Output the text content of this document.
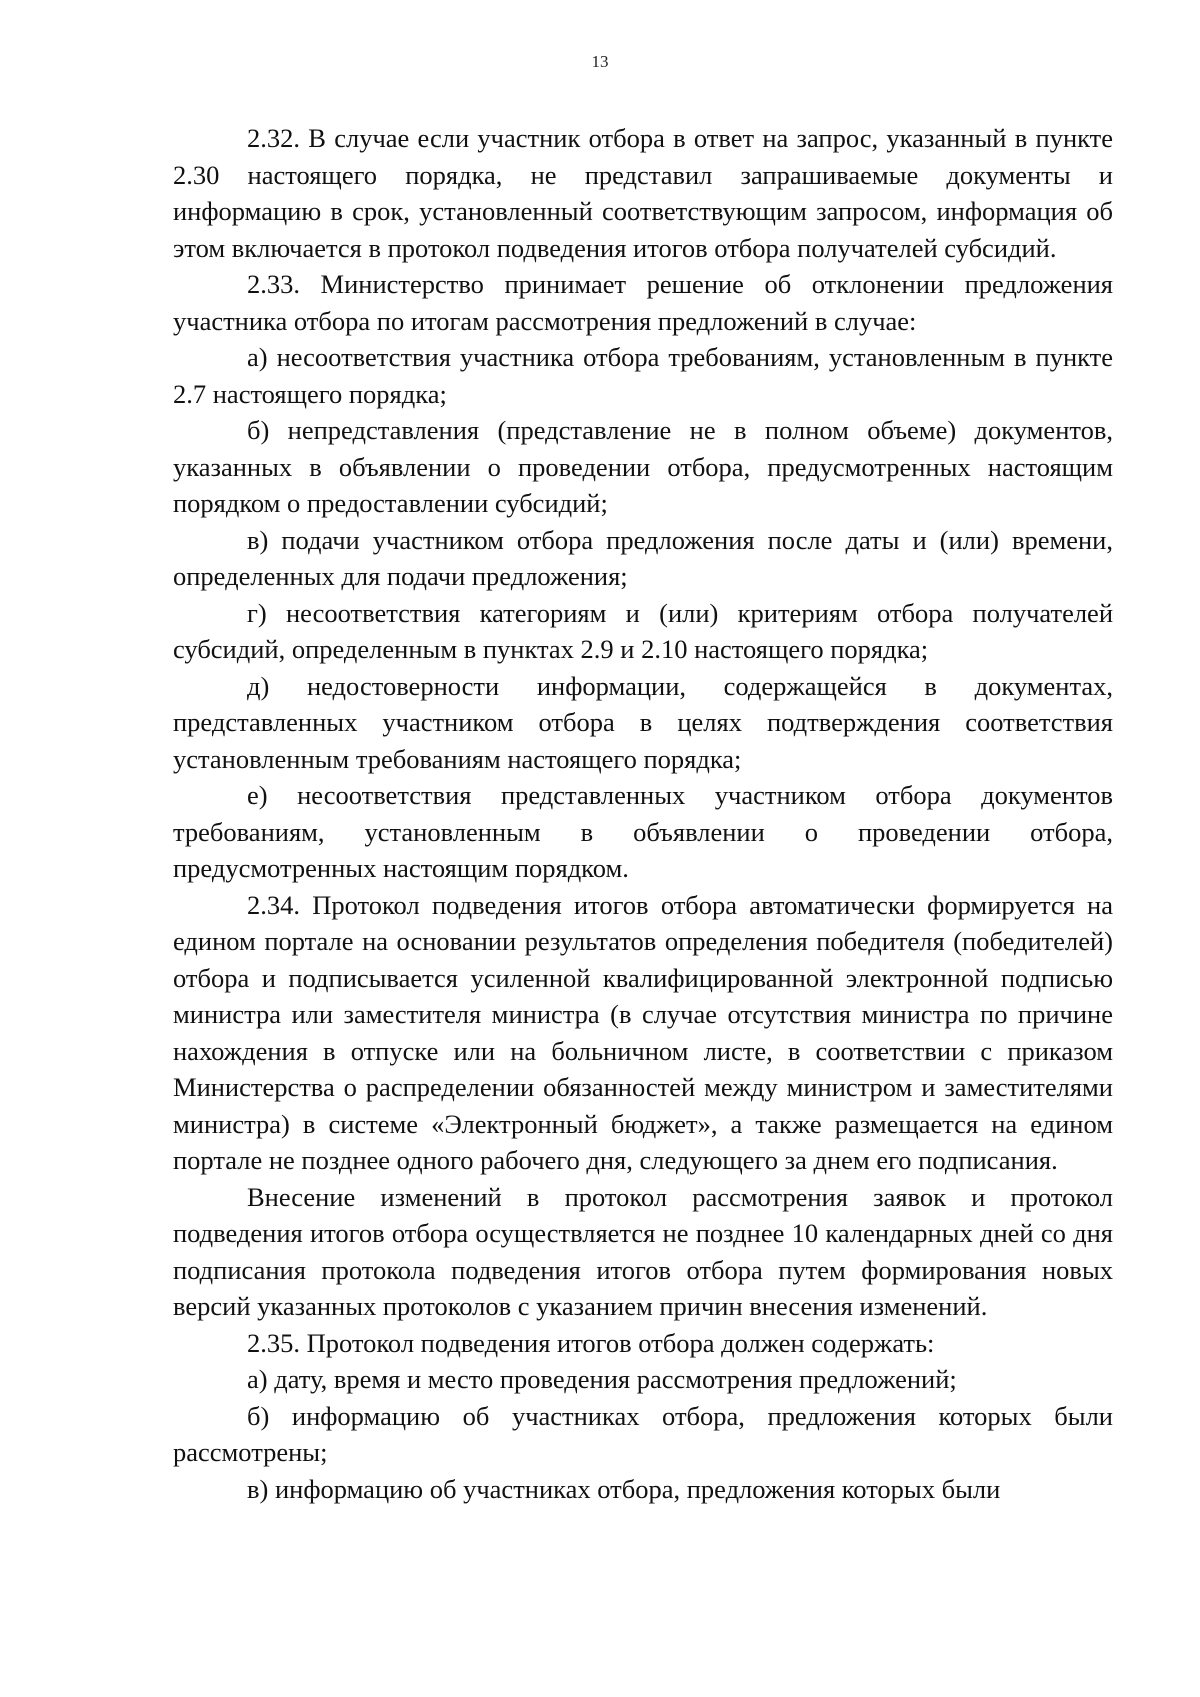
13

2.32. В случае если участник отбора в ответ на запрос, указанный в пункте 2.30 настоящего порядка, не представил запрашиваемые документы и информацию в срок, установленный соответствующим запросом, информация об этом включается в протокол подведения итогов отбора получателей субсидий.

2.33. Министерство принимает решение об отклонении предложения участника отбора по итогам рассмотрения предложений в случае:

а) несоответствия участника отбора требованиям, установленным в пункте 2.7 настоящего порядка;

б) непредставления (представление не в полном объеме) документов, указанных в объявлении о проведении отбора, предусмотренных настоящим порядком о предоставлении субсидий;

в) подачи участником отбора предложения после даты и (или) времени, определенных для подачи предложения;

г) несоответствия категориям и (или) критериям отбора получателей субсидий, определенным в пунктах 2.9 и 2.10 настоящего порядка;

д) недостоверности информации, содержащейся в документах, представленных участником отбора в целях подтверждения соответствия установленным требованиям настоящего порядка;

е) несоответствия представленных участником отбора документов требованиям, установленным в объявлении о проведении отбора, предусмотренных настоящим порядком.

2.34. Протокол подведения итогов отбора автоматически формируется на едином портале на основании результатов определения победителя (победителей) отбора и подписывается усиленной квалифицированной электронной подписью министра или заместителя министра (в случае отсутствия министра по причине нахождения в отпуске или на больничном листе, в соответствии с приказом Министерства о распределении обязанностей между министром и заместителями министра) в системе «Электронный бюджет», а также размещается на едином портале не позднее одного рабочего дня, следующего за днем его подписания.

Внесение изменений в протокол рассмотрения заявок и протокол подведения итогов отбора осуществляется не позднее 10 календарных дней со дня подписания протокола подведения итогов отбора путем формирования новых версий указанных протоколов с указанием причин внесения изменений.

2.35. Протокол подведения итогов отбора должен содержать:

а) дату, время и место проведения рассмотрения предложений;

б) информацию об участниках отбора, предложения которых были рассмотрены;

в) информацию об участниках отбора, предложения которых были
